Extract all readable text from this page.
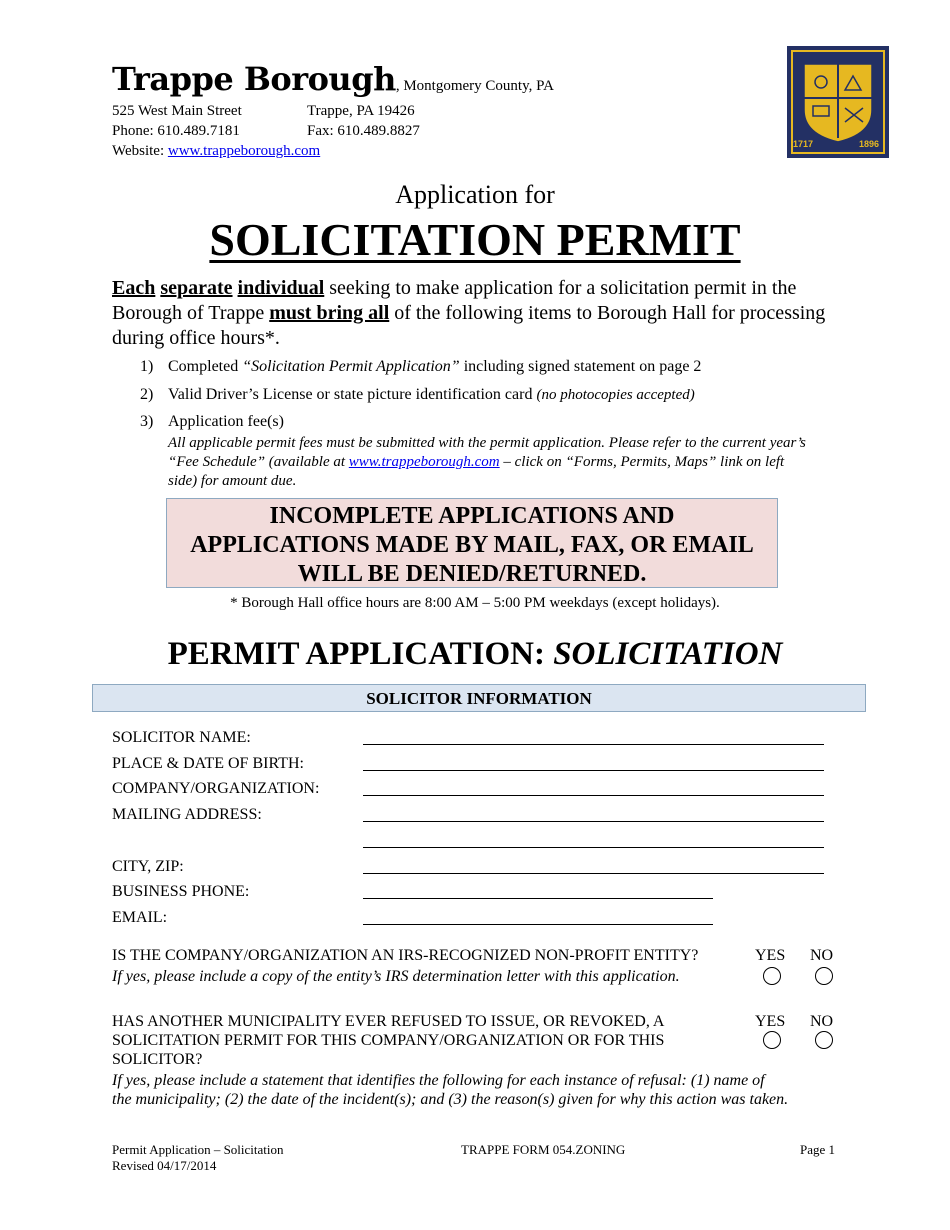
Trappe Borough, Montgomery County, PA
525 West Main Street	Trappe, PA 19426
Phone: 610.489.7181	Fax: 610.489.8827
Website: www.trappeborough.com	1717	1896
Application for
SOLICITATION PERMIT
Each separate individual seeking to make application for a solicitation permit in the Borough of Trappe must bring all of the following items to Borough Hall for processing during office hours*.
1) Completed “Solicitation Permit Application” including signed statement on page 2
2) Valid Driver’s License or state picture identification card (no photocopies accepted)
3) Application fee(s)
All applicable permit fees must be submitted with the permit application. Please refer to the current year’s “Fee Schedule” (available at www.trappeborough.com – click on “Forms, Permits, Maps” link on left side) for amount due.
INCOMPLETE APPLICATIONS AND
APPLICATIONS MADE BY MAIL, FAX, OR EMAIL
WILL BE DENIED/RETURNED.
* Borough Hall office hours are 8:00 AM – 5:00 PM weekdays (except holidays).
PERMIT APPLICATION: SOLICITATION
SOLICITOR INFORMATION
SOLICITOR NAME:
PLACE & DATE OF BIRTH:
COMPANY/ORGANIZATION:
MAILING ADDRESS:
CITY, ZIP:
BUSINESS PHONE:
EMAIL:
IS THE COMPANY/ORGANIZATION AN IRS-RECOGNIZED NON-PROFIT ENTITY?
If yes, please include a copy of the entity’s IRS determination letter with this application.
YES NO
HAS ANOTHER MUNICIPALITY EVER REFUSED TO ISSUE, OR REVOKED, A
SOLICITATION PERMIT FOR THIS COMPANY/ORGANIZATION OR FOR THIS
SOLICITOR?
If yes, please include a statement that identifies the following for each instance of refusal: (1) name of
the municipality; (2) the date of the incident(s); and (3) the reason(s) given for why this action was taken.
YES NO
Permit Application – Solicitation
Revised 04/17/2014
TRAPPE FORM 054.ZONING	Page 1
